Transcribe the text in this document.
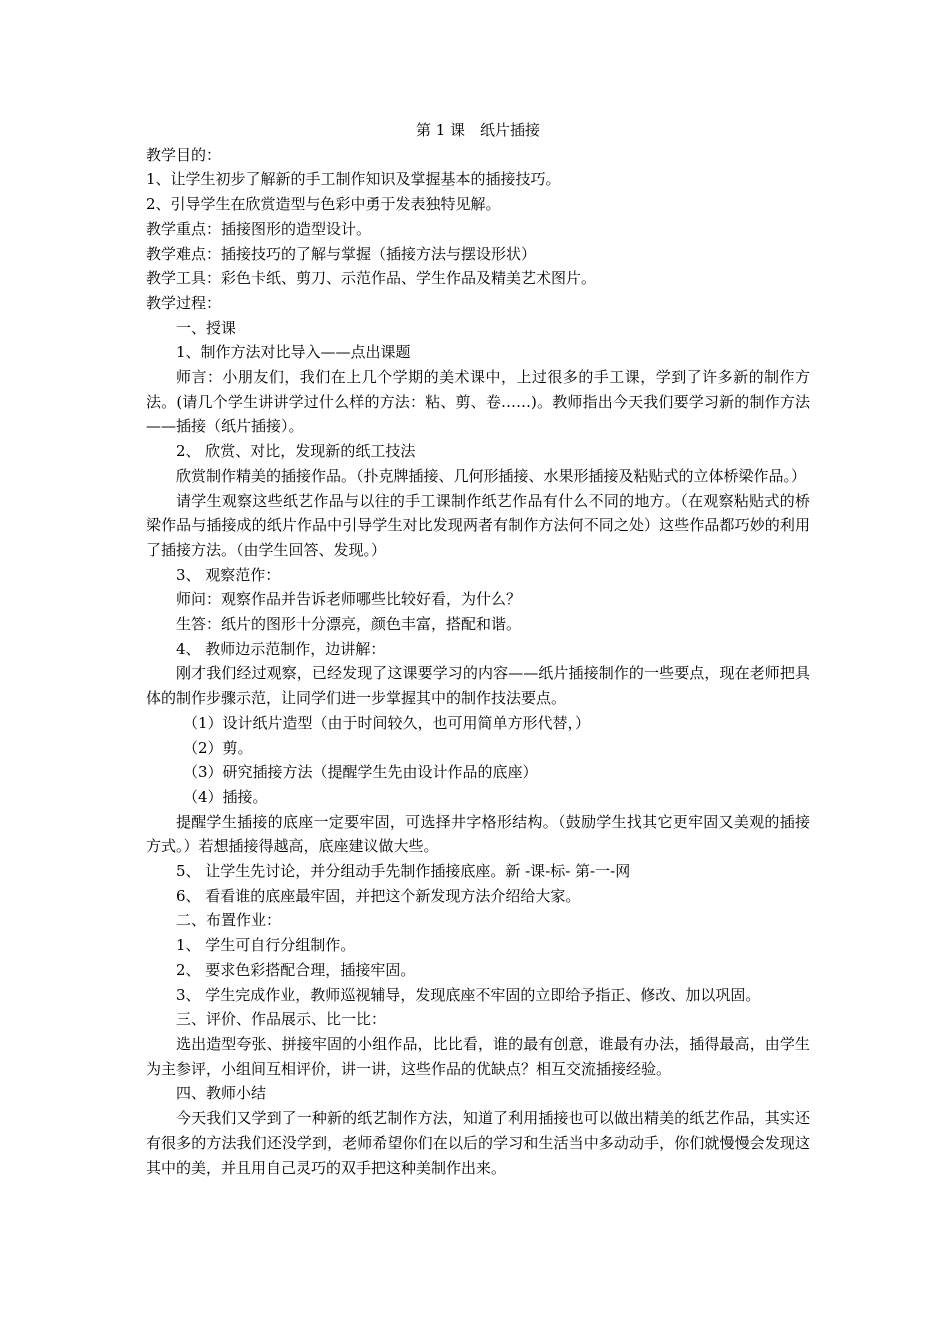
第 1 课　纸片插接

教学目的：

1、让学生初步了解新的手工制作知识及掌握基本的插接技巧。

2、引导学生在欣赏造型与色彩中勇于发表独特见解。

教学重点：插接图形的造型设计。

教学难点：插接技巧的了解与掌握（插接方法与摆设形状）

教学工具：彩色卡纸、剪刀、示范作品、学生作品及精美艺术图片。

教学过程：

一、授课

1、制作方法对比导入——点出课题

师言：小朋友们，我们在上几个学期的美术课中，上过很多的手工课，学到了许多新的制作方法。(请几个学生讲讲学过什么样的方法：粘、剪、卷……)。教师指出今天我们要学习新的制作方法——插接（纸片插接）。

2、 欣赏、对比，发现新的纸工技法

欣赏制作精美的插接作品。（扑克牌插接、几何形插接、水果形插接及粘贴式的立体桥梁作品。）

请学生观察这些纸艺作品与以往的手工课制作纸艺作品有什么不同的地方。（在观察粘贴式的桥梁作品与插接成的纸片作品中引导学生对比发现两者有制作方法何不同之处）这些作品都巧妙的利用了插接方法。（由学生回答、发现。）

3、 观察范作：

师问：观察作品并告诉老师哪些比较好看，为什么？

生答：纸片的图形十分漂亮，颜色丰富，搭配和谐。

4、 教师边示范制作，边讲解：

刚才我们经过观察，已经发现了这课要学习的内容——纸片插接制作的一些要点，现在老师把具体的制作步骤示范，让同学们进一步掌握其中的制作技法要点。

（1）设计纸片造型（由于时间较久，也可用简单方形代替，）

（2）剪。

（3）研究插接方法（提醒学生先由设计作品的底座）

（4）插接。

提醒学生插接的底座一定要牢固，可选择井字格形结构。（鼓励学生找其它更牢固又美观的插接方式。）若想插接得越高，底座建议做大些。

5、 让学生先讨论，并分组动手先制作插接底座。新 -课-标- 第-一-网

6、 看看谁的底座最牢固，并把这个新发现方法介绍给大家。

二、布置作业：

1、 学生可自行分组制作。

2、 要求色彩搭配合理，插接牢固。

3、 学生完成作业，教师巡视辅导，发现底座不牢固的立即给予指正、修改、加以巩固。

三、评价、作品展示、比一比：

选出造型夸张、拼接牢固的小组作品，比比看，谁的最有创意，谁最有办法，插得最高，由学生为主参评，小组间互相评价，讲一讲，这些作品的优缺点？相互交流插接经验。

四、教师小结

今天我们又学到了一种新的纸艺制作方法，知道了利用插接也可以做出精美的纸艺作品，其实还有很多的方法我们还没学到，老师希望你们在以后的学习和生活当中多动动手，你们就慢慢会发现这其中的美，并且用自己灵巧的双手把这种美制作出来。
